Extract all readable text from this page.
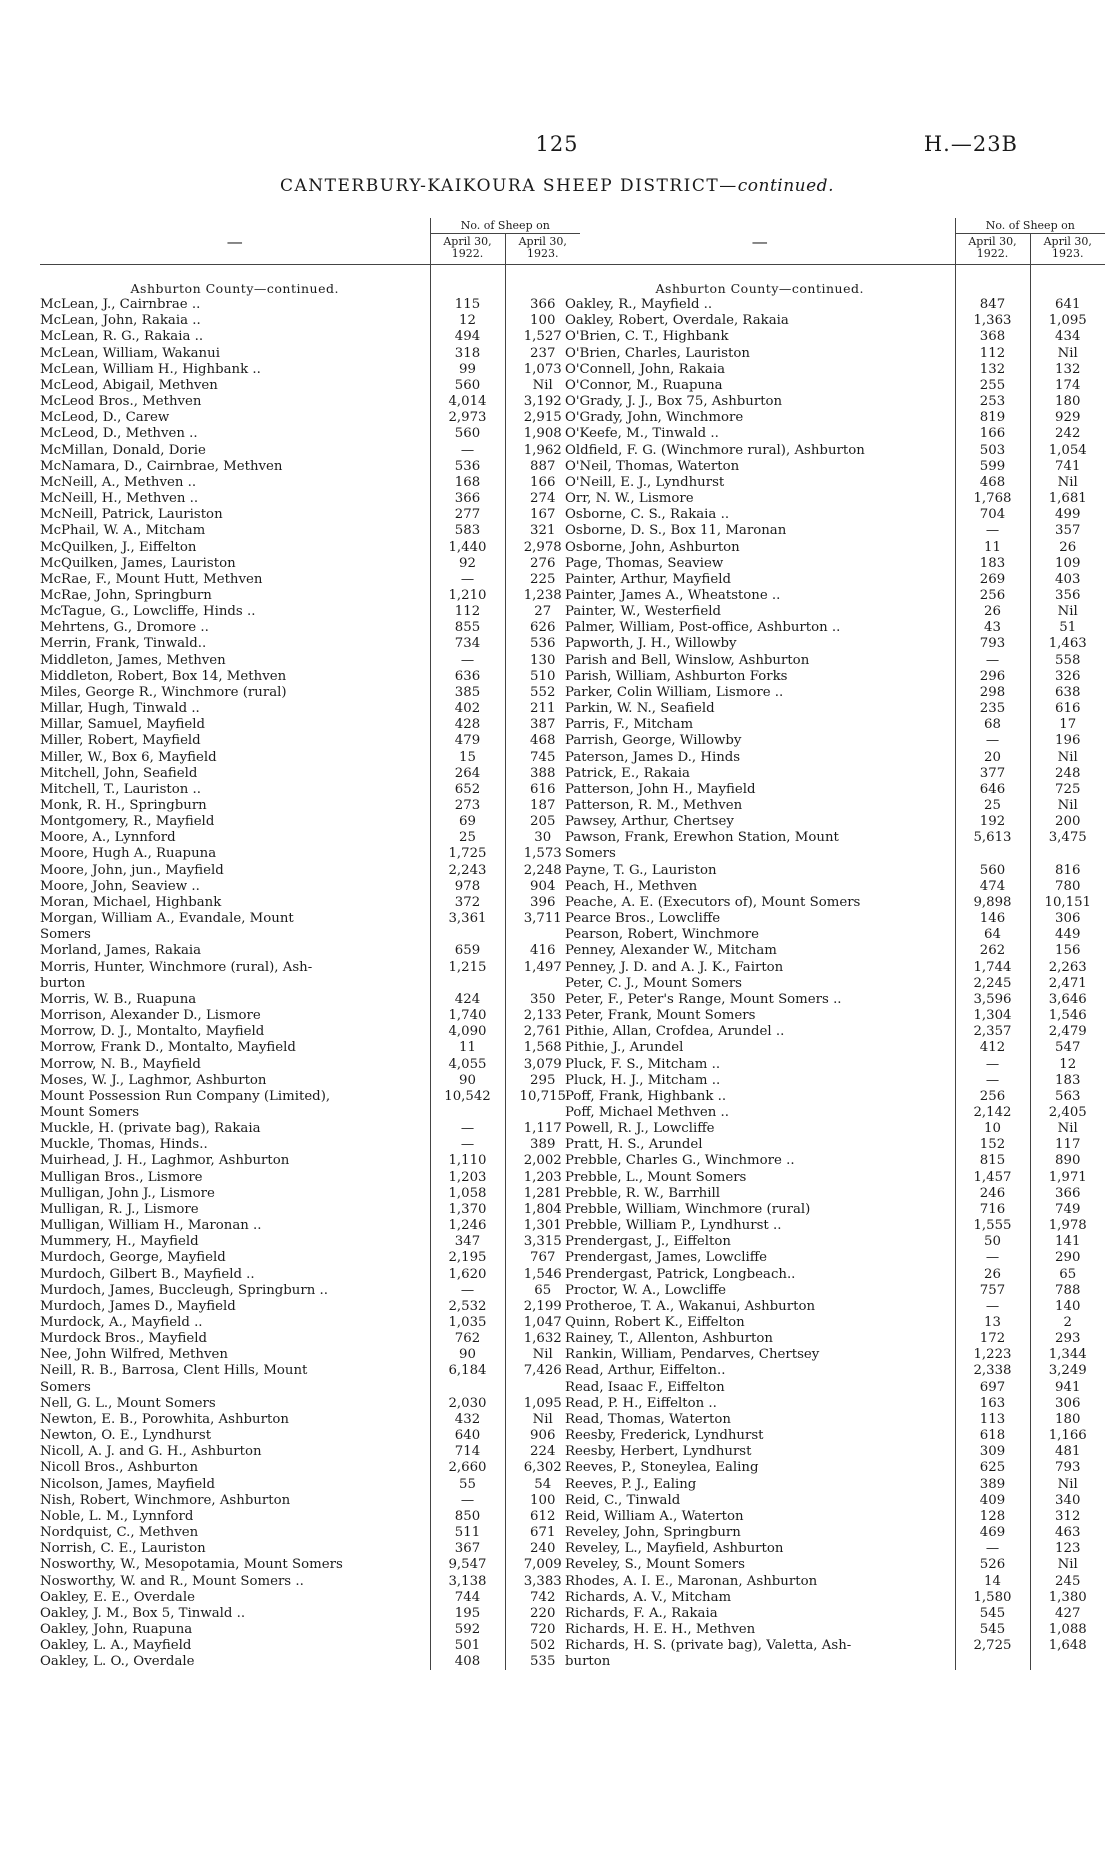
125	H.—23B
CANTERBURY-KAIKOURA SHEEP DISTRICT—continued.
—	No. of Sheep on	
	April 30,
1922.	April 30,
1923.

Ashburton County—continued.		
McLean, J., Cairnbrae ..	115	366
McLean, John, Rakaia ..	12	100
McLean, R. G., Rakaia ..	494	1,527
McLean, William, Wakanui	318	237
McLean, William H., Highbank ..	99	1,073
McLeod, Abigail, Methven	560	Nil
McLeod Bros., Methven	4,014	3,192
McLeod, D., Carew	2,973	2,915
McLeod, D., Methven ..	560	1,908
McMillan, Donald, Dorie	—	1,962
McNamara, D., Cairnbrae, Methven	536	887
McNeill, A., Methven ..	168	166
McNeill, H., Methven ..	366	274
McNeill, Patrick, Lauriston	277	167
McPhail, W. A., Mitcham	583	321
McQuilken, J., Eiffelton	1,440	2,978
McQuilken, James, Lauriston	92	276
McRae, F., Mount Hutt, Methven	—	225
McRae, John, Springburn	1,210	1,238
McTague, G., Lowcliffe, Hinds ..	112	27
Mehrtens, G., Dromore ..	855	626
Merrin, Frank, Tinwald..	734	536
Middleton, James, Methven	—	130
Middleton, Robert, Box 14, Methven	636	510
Miles, George R., Winchmore (rural)	385	552
Millar, Hugh, Tinwald ..	402	211
Millar, Samuel, Mayfield	428	387
Miller, Robert, Mayfield	479	468
Miller, W., Box 6, Mayfield	15	745
Mitchell, John, Seafield	264	388
Mitchell, T., Lauriston ..	652	616
Monk, R. H., Springburn	273	187
Montgomery, R., Mayfield	69	205
Moore, A., Lynnford	25	30
Moore, Hugh A., Ruapuna	1,725	1,573
Moore, John, jun., Mayfield	2,243	2,248
Moore, John, Seaview ..	978	904
Moran, Michael, Highbank	372	396
Morgan, William A., Evandale, Mount	3,361	3,711
Somers		
Morland, James, Rakaia	659	416
Morris, Hunter, Winchmore (rural), Ash-	1,215	1,497
burton		
Morris, W. B., Ruapuna	424	350
Morrison, Alexander D., Lismore	1,740	2,133
Morrow, D. J., Montalto, Mayfield	4,090	2,761
Morrow, Frank D., Montalto, Mayfield	11	1,568
Morrow, N. B., Mayfield	4,055	3,079
Moses, W. J., Laghmor, Ashburton	90	295
Mount Possession Run Company (Limited),	10,542	10,715
Mount Somers		
Muckle, H. (private bag), Rakaia	—	1,117
Muckle, Thomas, Hinds..	—	389
Muirhead, J. H., Laghmor, Ashburton	1,110	2,002
Mulligan Bros., Lismore	1,203	1,203
Mulligan, John J., Lismore	1,058	1,281
Mulligan, R. J., Lismore	1,370	1,804
Mulligan, William H., Maronan ..	1,246	1,301
Mummery, H., Mayfield	347	3,315
Murdoch, George, Mayfield	2,195	767
Murdoch, Gilbert B., Mayfield ..	1,620	1,546
Murdoch, James, Buccleugh, Springburn ..	—	65
Murdoch, James D., Mayfield	2,532	2,199
Murdock, A., Mayfield ..	1,035	1,047
Murdock Bros., Mayfield	762	1,632
Nee, John Wilfred, Methven	90	Nil
Neill, R. B., Barrosa, Clent Hills, Mount	6,184	7,426
Somers		
Nell, G. L., Mount Somers	2,030	1,095
Newton, E. B., Porowhita, Ashburton	432	Nil
Newton, O. E., Lyndhurst	640	906
Nicoll, A. J. and G. H., Ashburton	714	224
Nicoll Bros., Ashburton	2,660	6,302
Nicolson, James, Mayfield	55	54
Nish, Robert, Winchmore, Ashburton	—	100
Noble, L. M., Lynnford	850	612
Nordquist, C., Methven	511	671
Norrish, C. E., Lauriston	367	240
Nosworthy, W., Mesopotamia, Mount Somers	9,547	7,009
Nosworthy, W. and R., Mount Somers ..	3,138	3,383
Oakley, E. E., Overdale	744	742
Oakley, J. M., Box 5, Tinwald ..	195	220
Oakley, John, Ruapuna	592	720
Oakley, L. A., Mayfield	501	502
Oakley, L. O., Overdale	408	535
—	No. of Sheep on	
	April 30,
1922.	April 30,
1923.

Ashburton County—continued.		
Oakley, R., Mayfield ..	847	641
Oakley, Robert, Overdale, Rakaia	1,363	1,095
O'Brien, C. T., Highbank	368	434
O'Brien, Charles, Lauriston	112	Nil
O'Connell, John, Rakaia	132	132
O'Connor, M., Ruapuna	255	174
O'Grady, J. J., Box 75, Ashburton	253	180
O'Grady, John, Winchmore	819	929
O'Keefe, M., Tinwald ..	166	242
Oldfield, F. G. (Winchmore rural), Ashburton	503	1,054
O'Neil, Thomas, Waterton	599	741
O'Neill, E. J., Lyndhurst	468	Nil
Orr, N. W., Lismore	1,768	1,681
Osborne, C. S., Rakaia ..	704	499
Osborne, D. S., Box 11, Maronan	—	357
Osborne, John, Ashburton	11	26
Page, Thomas, Seaview	183	109
Painter, Arthur, Mayfield	269	403
Painter, James A., Wheatstone ..	256	356
Painter, W., Westerfield	26	Nil
Palmer, William, Post-office, Ashburton ..	43	51
Papworth, J. H., Willowby	793	1,463
Parish and Bell, Winslow, Ashburton	—	558
Parish, William, Ashburton Forks	296	326
Parker, Colin William, Lismore ..	298	638
Parkin, W. N., Seafield	235	616
Parris, F., Mitcham	68	17
Parrish, George, Willowby	—	196
Paterson, James D., Hinds	20	Nil
Patrick, E., Rakaia	377	248
Patterson, John H., Mayfield	646	725
Patterson, R. M., Methven	25	Nil
Pawsey, Arthur, Chertsey	192	200
Pawson, Frank, Erewhon Station, Mount	5,613	3,475
Somers		
Payne, T. G., Lauriston	560	816
Peach, H., Methven	474	780
Peache, A. E. (Executors of), Mount Somers	9,898	10,151
Pearce Bros., Lowcliffe	146	306
Pearson, Robert, Winchmore	64	449
Penney, Alexander W., Mitcham	262	156
Penney, J. D. and A. J. K., Fairton	1,744	2,263
Peter, C. J., Mount Somers	2,245	2,471
Peter, F., Peter's Range, Mount Somers ..	3,596	3,646
Peter, Frank, Mount Somers	1,304	1,546
Pithie, Allan, Crofdea, Arundel ..	2,357	2,479
Pithie, J., Arundel	412	547
Pluck, F. S., Mitcham ..	—	12
Pluck, H. J., Mitcham ..	—	183
Poff, Frank, Highbank ..	256	563
Poff, Michael Methven ..	2,142	2,405
Powell, R. J., Lowcliffe	10	Nil
Pratt, H. S., Arundel	152	117
Prebble, Charles G., Winchmore ..	815	890
Prebble, L., Mount Somers	1,457	1,971
Prebble, R. W., Barrhill	246	366
Prebble, William, Winchmore (rural)	716	749
Prebble, William P., Lyndhurst ..	1,555	1,978
Prendergast, J., Eiffelton	50	141
Prendergast, James, Lowcliffe	—	290
Prendergast, Patrick, Longbeach..	26	65
Proctor, W. A., Lowcliffe	757	788
Protheroe, T. A., Wakanui, Ashburton	—	140
Quinn, Robert K., Eiffelton	13	2
Rainey, T., Allenton, Ashburton	172	293
Rankin, William, Pendarves, Chertsey	1,223	1,344
Read, Arthur, Eiffelton..	2,338	3,249
Read, Isaac F., Eiffelton	697	941
Read, P. H., Eiffelton ..	163	306
Read, Thomas, Waterton	113	180
Reesby, Frederick, Lyndhurst	618	1,166
Reesby, Herbert, Lyndhurst	309	481
Reeves, P., Stoneylea, Ealing	625	793
Reeves, P. J., Ealing	389	Nil
Reid, C., Tinwald	409	340
Reid, William A., Waterton	128	312
Reveley, John, Springburn	469	463
Reveley, L., Mayfield, Ashburton	—	123
Reveley, S., Mount Somers	526	Nil
Rhodes, A. I. E., Maronan, Ashburton	14	245
Richards, A. V., Mitcham	1,580	1,380
Richards, F. A., Rakaia	545	427
Richards, H. E. H., Methven	545	1,088
Richards, H. S. (private bag), Valetta, Ash-	2,725	1,648
burton		
